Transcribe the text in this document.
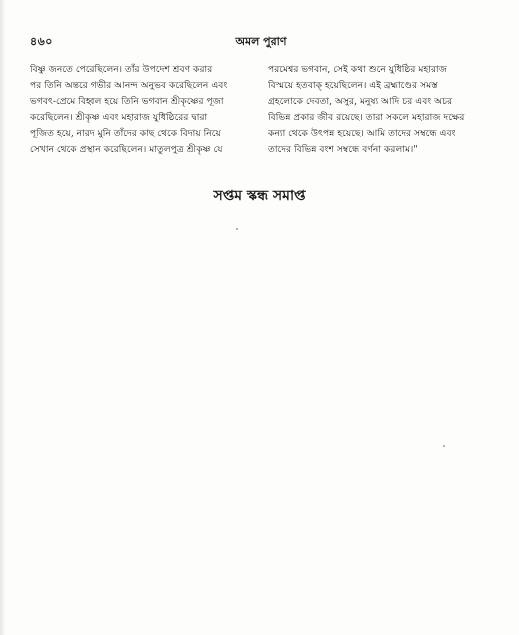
৪৬০	অমল পুরাণ
বিষ্ণু জনতে পেরেছিলেন। তাঁর উপদেশ শ্রবণ করার
পর তিনি অন্তরে গভীর আনন্দ অনুভব করেছিলেন এবং
ভগবৎ-প্রেমে বিহ্বল হয়ে তিনি ভগবান শ্রীকৃষ্ণের পূজা
করেছিলেন। শ্রীকৃষ্ণ এবং মহারাজ যুধিষ্ঠিরের দ্বারা
পূজিত হয়ে, নারদ মুনি তাঁদের কাছ থেকে বিদায় নিয়ে
সেখান থেকে প্রস্থান করেছিলেন। মাতুলপুত্র শ্রীকৃষ্ণ যে
পরমেশ্বর ভগবান, সেই কথা শুনে যুধিষ্ঠির মহারাজ
বিস্ময়ে হতবাক্ হয়েছিলেন। এই ব্রহ্মাণ্ডের সমস্ত
গ্রহলোকে দেবতা, অসুর, মনুষ্য আদি চর এবং অচর
বিভিন্ন প্রকার জীব রয়েছে। তারা সকলে মহারাজ দক্ষের
কন্যা থেকে উৎপন্ন হয়েছে। আমি তাদের সম্বন্ধে এবং
তাদের বিভিন্ন বংশ সম্বন্ধে বর্ণনা করলাম।"
সপ্তম স্কন্ধ সমাপ্ত
